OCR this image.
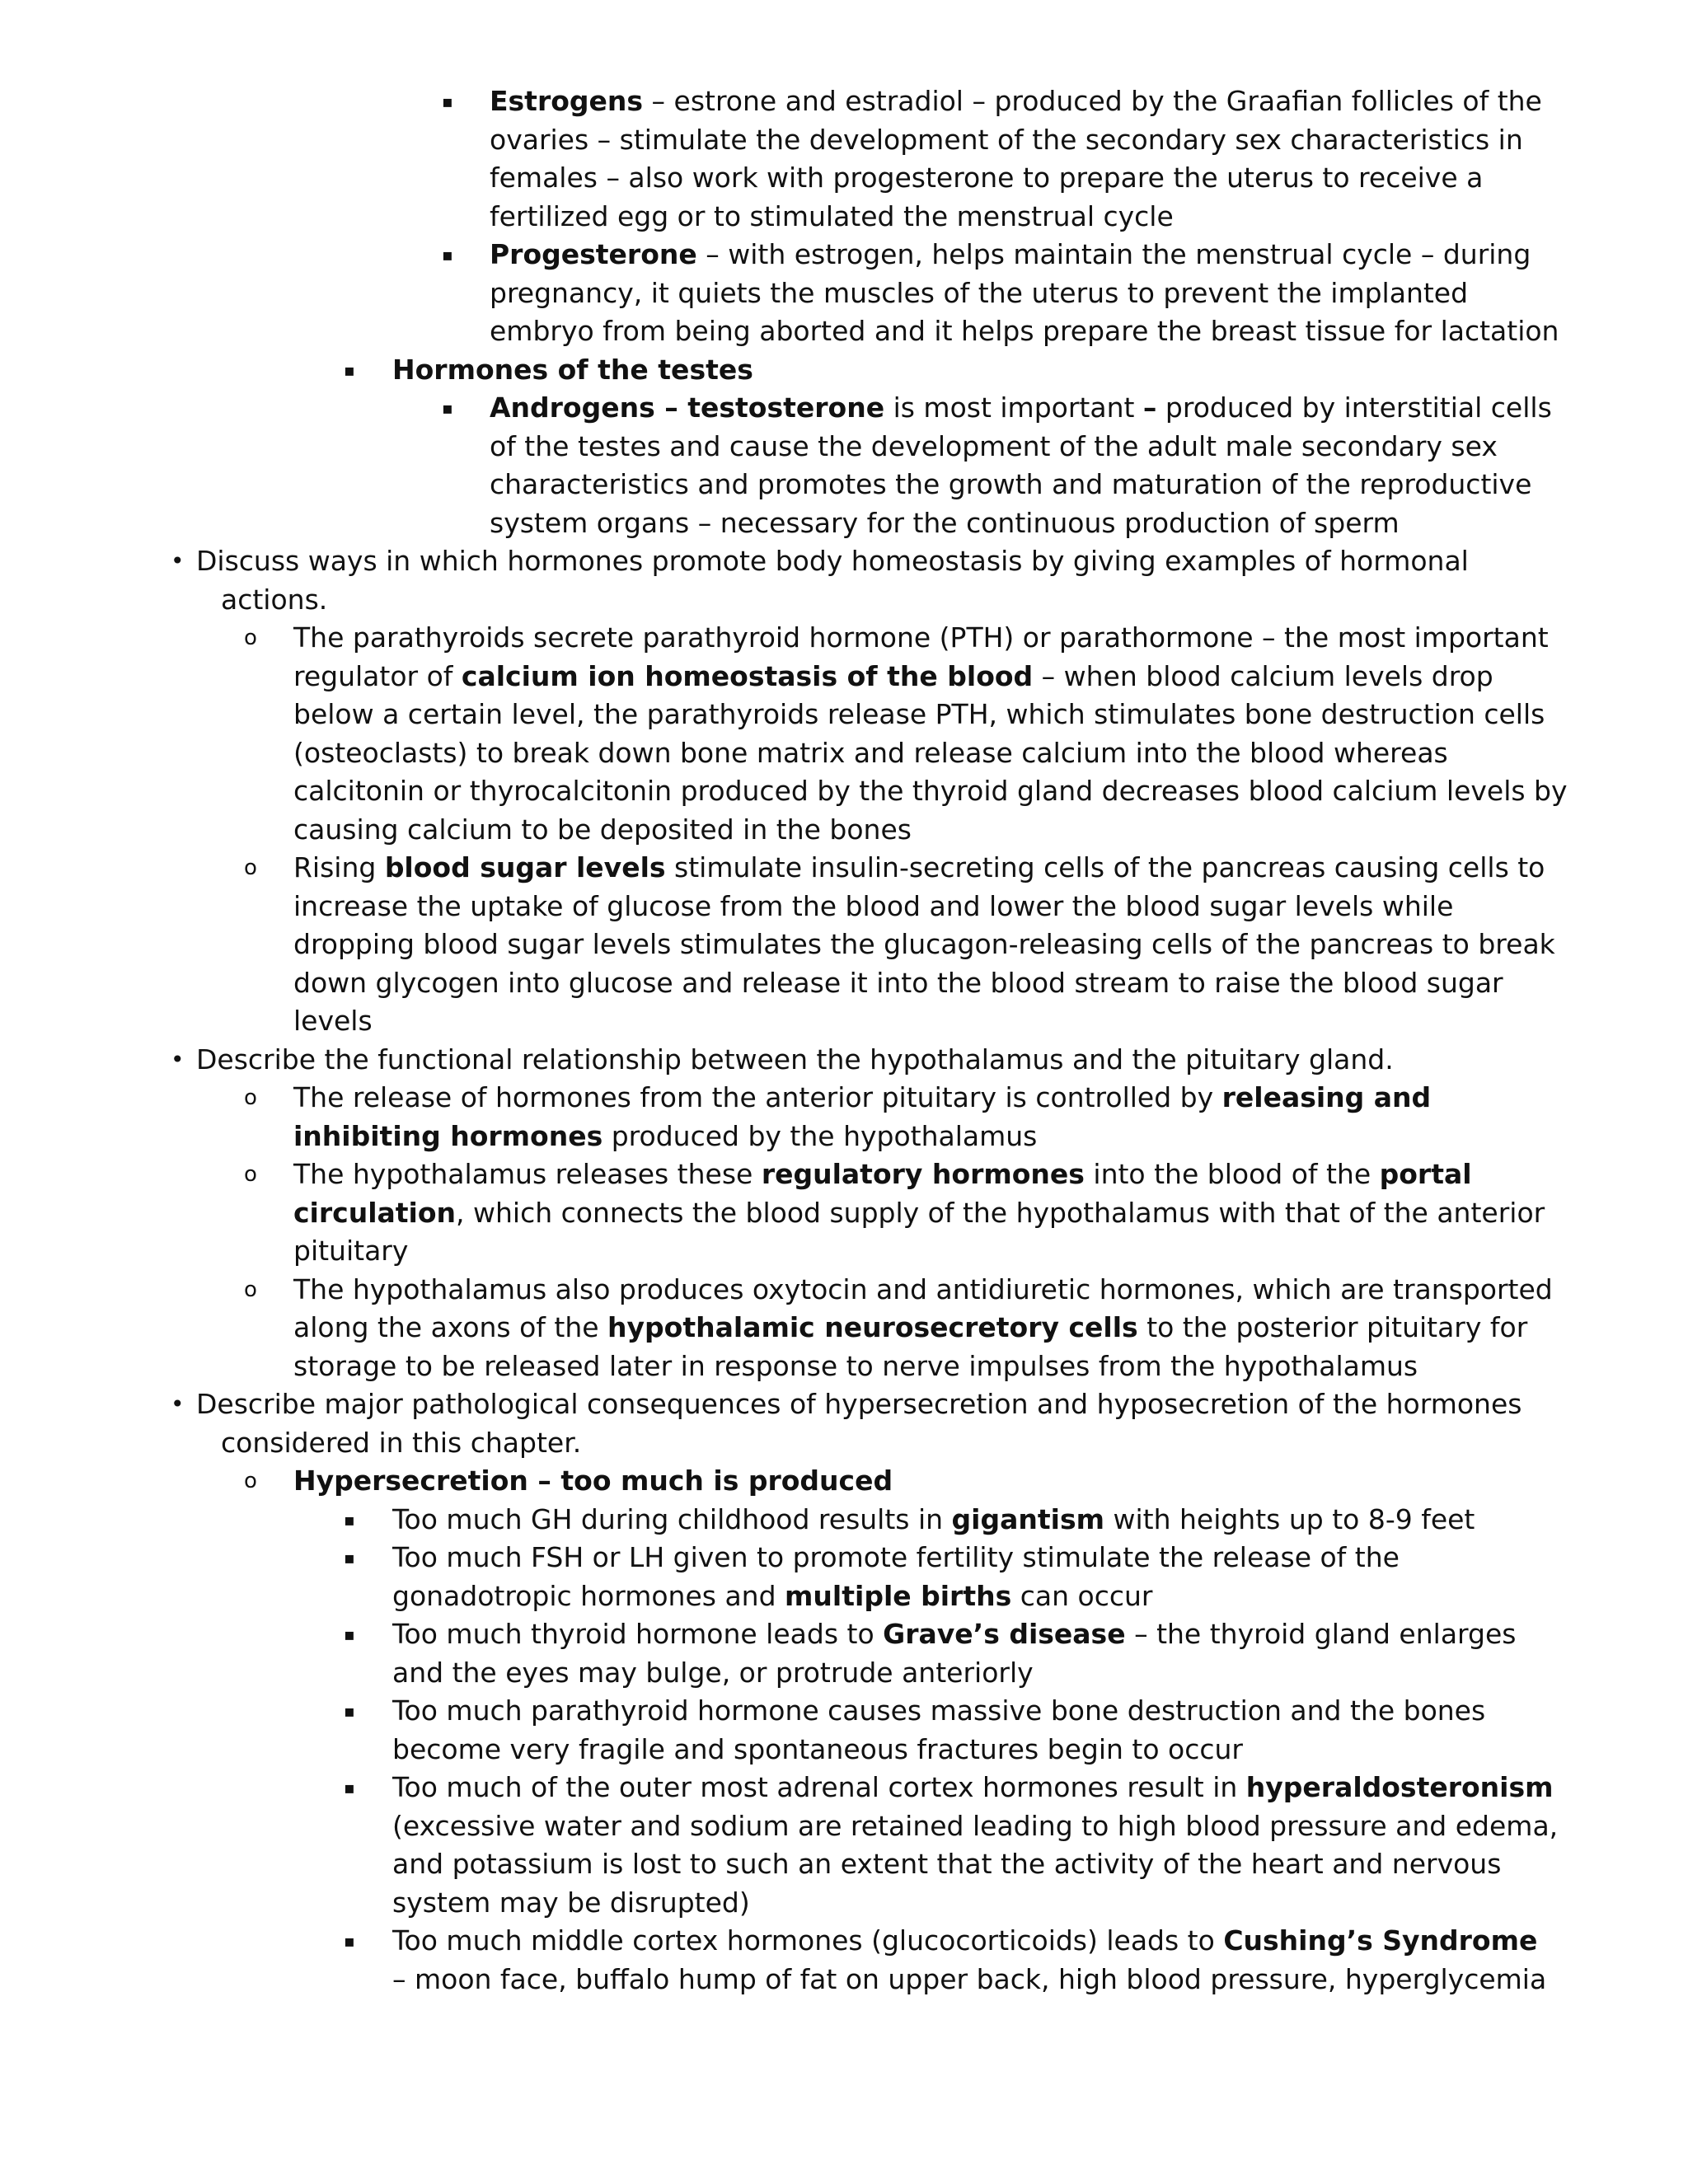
▪ Estrogens – estrone and estradiol – produced by the Graafian follicles of the
ovaries – stimulate the development of the secondary sex characteristics in
females – also work with progesterone to prepare the uterus to receive a
fertilized egg or to stimulated the menstrual cycle
▪ Progesterone – with estrogen, helps maintain the menstrual cycle – during
pregnancy, it quiets the muscles of the uterus to prevent the implanted
embryo from being aborted and it helps prepare the breast tissue for lactation
▪ Hormones of the testes
▪ Androgens – testosterone is most important – produced by interstitial cells
of the testes and cause the development of the adult male secondary sex
characteristics and promotes the growth and maturation of the reproductive
system organs – necessary for the continuous production of sperm
• Discuss ways in which hormones promote body homeostasis by giving examples of hormonal
actions.
o The parathyroids secrete parathyroid hormone (PTH) or parathormone – the most important
regulator of calcium ion homeostasis of the blood – when blood calcium levels drop
below a certain level, the parathyroids release PTH, which stimulates bone destruction cells
(osteoclasts) to break down bone matrix and release calcium into the blood whereas
calcitonin or thyrocalcitonin produced by the thyroid gland decreases blood calcium levels by
causing calcium to be deposited in the bones
o Rising blood sugar levels stimulate insulin-secreting cells of the pancreas causing cells to
increase the uptake of glucose from the blood and lower the blood sugar levels while
dropping blood sugar levels stimulates the glucagon-releasing cells of the pancreas to break
down glycogen into glucose and release it into the blood stream to raise the blood sugar
levels
• Describe the functional relationship between the hypothalamus and the pituitary gland.
o The release of hormones from the anterior pituitary is controlled by releasing and
inhibiting hormones produced by the hypothalamus
o The hypothalamus releases these regulatory hormones into the blood of the portal
circulation, which connects the blood supply of the hypothalamus with that of the anterior
pituitary
o The hypothalamus also produces oxytocin and antidiuretic hormones, which are transported
along the axons of the hypothalamic neurosecretory cells to the posterior pituitary for
storage to be released later in response to nerve impulses from the hypothalamus
• Describe major pathological consequences of hypersecretion and hyposecretion of the hormones
considered in this chapter.
o Hypersecretion – too much is produced
▪ Too much GH during childhood results in gigantism with heights up to 8-9 feet
▪ Too much FSH or LH given to promote fertility stimulate the release of the
gonadotropic hormones and multiple births can occur
▪ Too much thyroid hormone leads to Grave’s disease – the thyroid gland enlarges
and the eyes may bulge, or protrude anteriorly
▪ Too much parathyroid hormone causes massive bone destruction and the bones
become very fragile and spontaneous fractures begin to occur
▪ Too much of the outer most adrenal cortex hormones result in hyperaldosteronism
(excessive water and sodium are retained leading to high blood pressure and edema,
and potassium is lost to such an extent that the activity of the heart and nervous
system may be disrupted)
▪ Too much middle cortex hormones (glucocorticoids) leads to Cushing’s Syndrome
– moon face, buffalo hump of fat on upper back, high blood pressure, hyperglycemia
